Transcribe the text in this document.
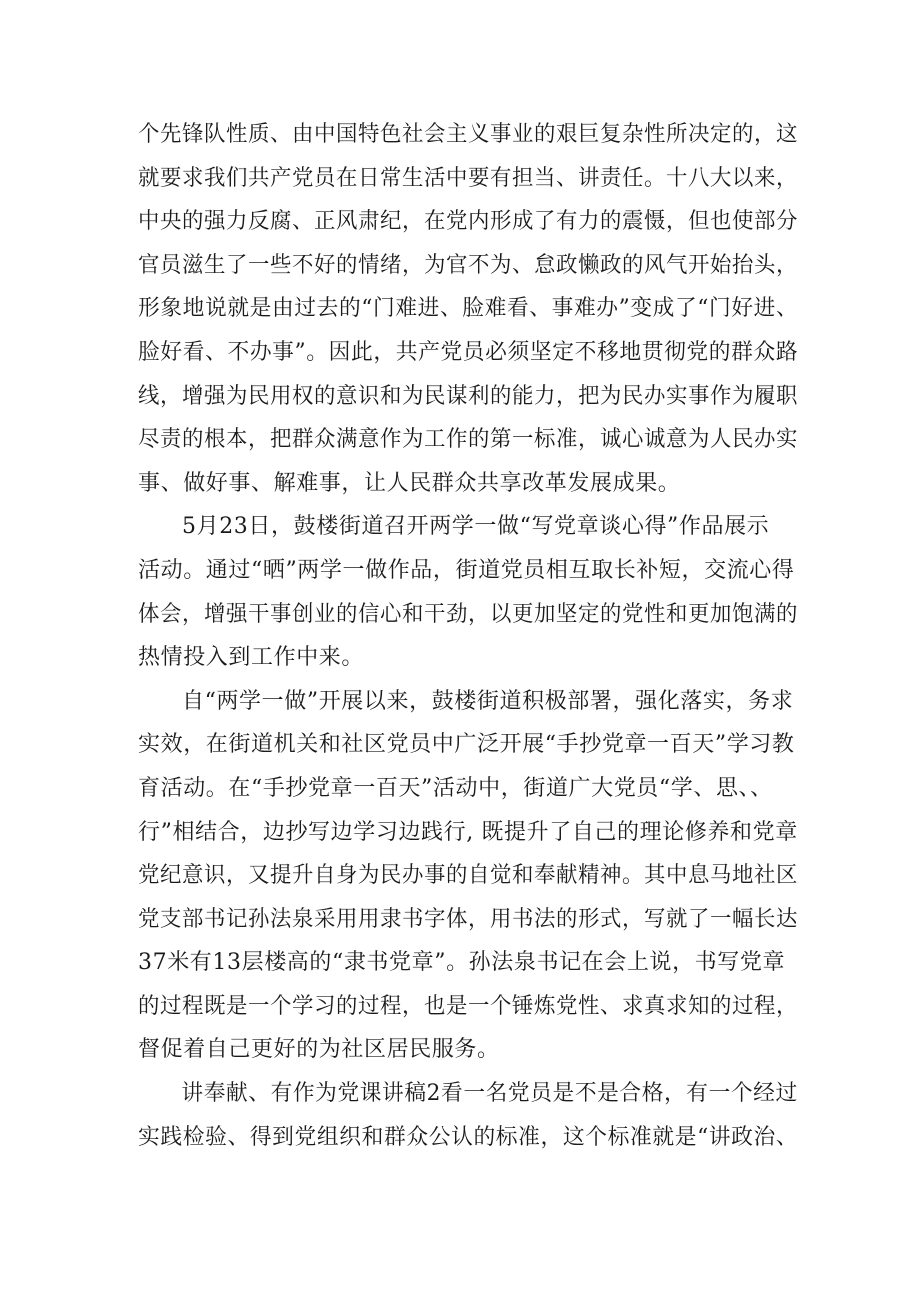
个先锋队性质、由中国特色社会主义事业的艰巨复杂性所决定的，这
就要求我们共产党员在日常生活中要有担当、讲责任。十八大以来，
中央的强力反腐、正风肃纪，在党内形成了有力的震慑，但也使部分
官员滋生了一些不好的情绪，为官不为、怠政懒政的风气开始抬头，
形象地说就是由过去的“门难进、脸难看、事难办”变成了“门好进、
脸好看、不办事”。因此，共产党员必须坚定不移地贯彻党的群众路
线，增强为民用权的意识和为民谋利的能力，把为民办实事作为履职
尽责的根本，把群众满意作为工作的第一标准，诚心诚意为人民办实
事、做好事、解难事，让人民群众共享改革发展成果。
5月23日，鼓楼街道召开两学一做“写党章谈心得”作品展示
活动。通过“晒”两学一做作品，街道党员相互取长补短，交流心得
体会，增强干事创业的信心和干劲，以更加坚定的党性和更加饱满的
热情投入到工作中来。
自“两学一做”开展以来，鼓楼街道积极部署，强化落实，务求
实效，在街道机关和社区党员中广泛开展“手抄党章一百天”学习教
育活动。在“手抄党章一百天”活动中，街道广大党员“学、思、、
行”相结合，边抄写边学习边践行, 既提升了自己的理论修养和党章
党纪意识，又提升自身为民办事的自觉和奉献精神。其中息马地社区
党支部书记孙法泉采用用隶书字体，用书法的形式，写就了一幅长达
37米有13层楼高的“隶书党章”。孙法泉书记在会上说，书写党章
的过程既是一个学习的过程，也是一个锤炼党性、求真求知的过程，
督促着自己更好的为社区居民服务。
讲奉献、有作为党课讲稿2看一名党员是不是合格，有一个经过
实践检验、得到党组织和群众公认的标准，这个标准就是“讲政治、
